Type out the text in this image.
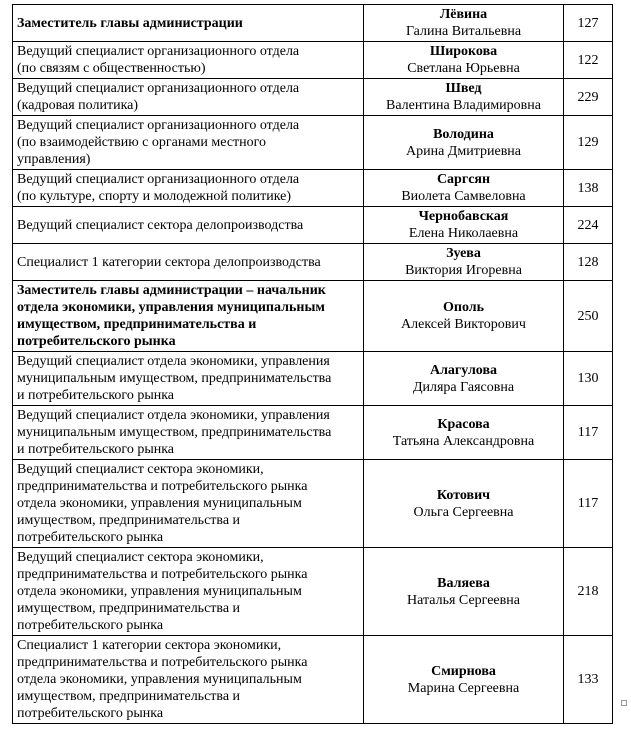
Заместитель главы администрации	Лёвина
Галина Витальевна	127

Ведущий специалист организационного отдела
(по связям с общественностью)	Широкова
Светлана Юрьевна	122

Ведущий специалист организационного отдела
(кадровая политика)	Швед
Валентина Владимировна	229

Ведущий специалист организационного отдела
(по взаимодействию с органами местного
управления)	Володина
Арина Дмитриевна	129

Ведущий специалист организационного отдела
(по культуре, спорту и молодежной политике)	Саргсян
Виолета Самвеловна	138

Ведущий специалист сектора делопроизводства	Чернобавская
Елена Николаевна	224

Специалист 1 категории сектора делопроизводства	Зуева
Виктория Игоревна	128

Заместитель главы администрации – начальник
отдела экономики, управления муниципальным
имуществом, предпринимательства и
потребительского рынка	Ополь
Алексей Викторович	250

Ведущий специалист отдела экономики, управления
муниципальным имуществом, предпринимательства
и потребительского рынка	Алагулова
Диляра Гаясовна	130

Ведущий специалист отдела экономики, управления
муниципальным имуществом, предпринимательства
и потребительского рынка	Красова
Татьяна Александровна	117

Ведущий специалист сектора экономики,
предпринимательства и потребительского рынка
отдела экономики, управления муниципальным
имуществом, предпринимательства и
потребительского рынка	Котович
Ольга Сергеевна	117

Ведущий специалист сектора экономики,
предпринимательства и потребительского рынка
отдела экономики, управления муниципальным
имуществом, предпринимательства и
потребительского рынка	Валяева
Наталья Сергеевна	218

Специалист 1 категории сектора экономики,
предпринимательства и потребительского рынка
отдела экономики, управления муниципальным
имуществом, предпринимательства и
потребительского рынка	Смирнова
Марина Сергеевна	133
